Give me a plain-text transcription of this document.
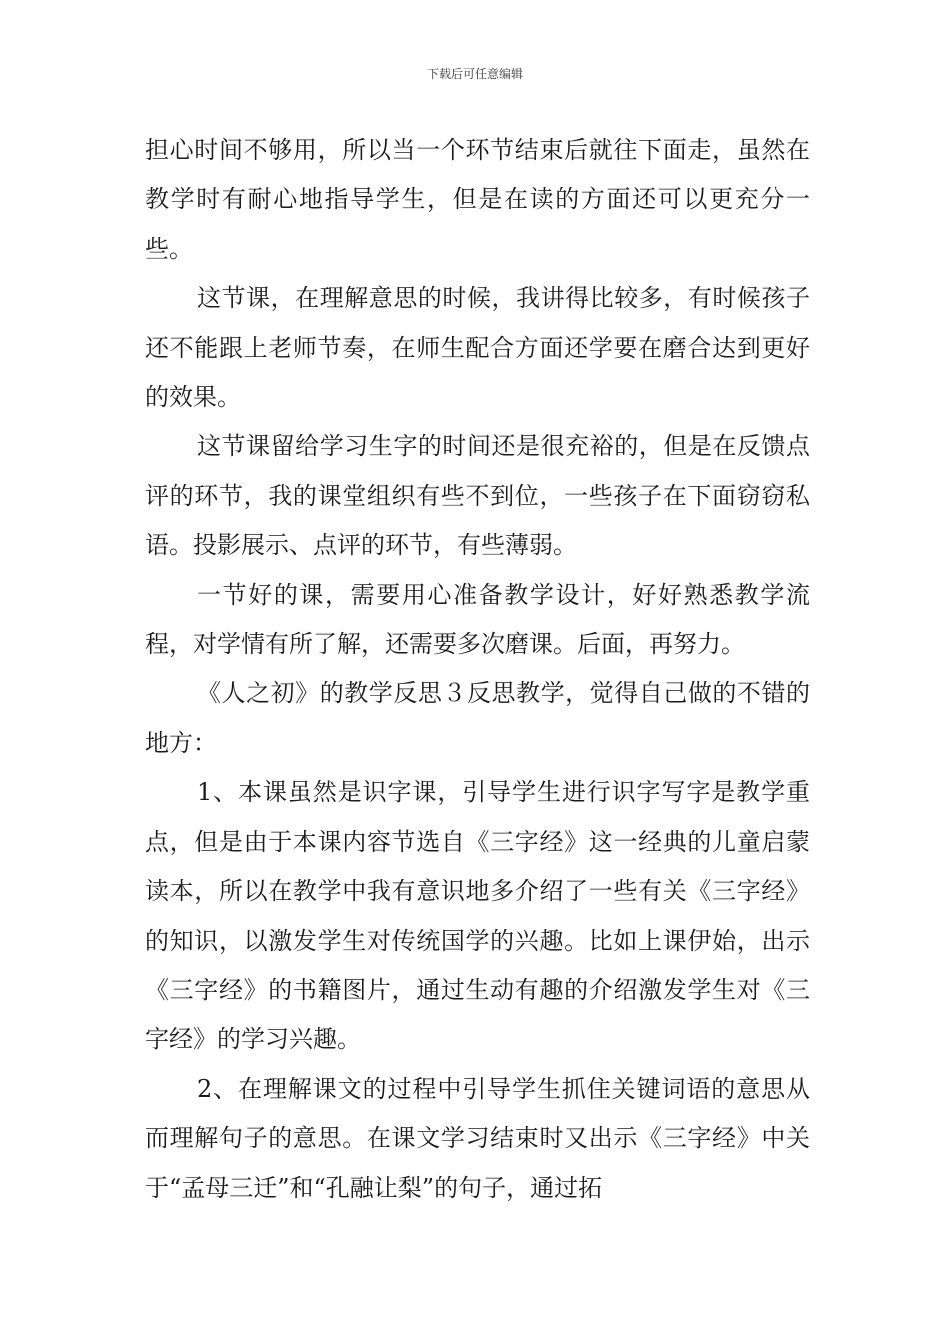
下载后可任意编辑

担心时间不够用，所以当一个环节结束后就往下面走，虽然在教学时有耐心地指导学生，但是在读的方面还可以更充分一些。

这节课，在理解意思的时候，我讲得比较多，有时候孩子还不能跟上老师节奏，在师生配合方面还学要在磨合达到更好的效果。

这节课留给学习生字的时间还是很充裕的，但是在反馈点评的环节，我的课堂组织有些不到位，一些孩子在下面窃窃私语。投影展示、点评的环节，有些薄弱。

一节好的课，需要用心准备教学设计，好好熟悉教学流程，对学情有所了解，还需要多次磨课。后面，再努力。

《人之初》的教学反思３反思教学，觉得自己做的不错的地方：

1、本课虽然是识字课，引导学生进行识字写字是教学重点，但是由于本课内容节选自《三字经》这一经典的儿童启蒙读本，所以在教学中我有意识地多介绍了一些有关《三字经》的知识，以激发学生对传统国学的兴趣。比如上课伊始，出示《三字经》的书籍图片，通过生动有趣的介绍激发学生对《三字经》的学习兴趣。

2、在理解课文的过程中引导学生抓住关键词语的意思从而理解句子的意思。在课文学习结束时又出示《三字经》中关于“孟母三迁”和“孔融让梨”的句子，通过拓
